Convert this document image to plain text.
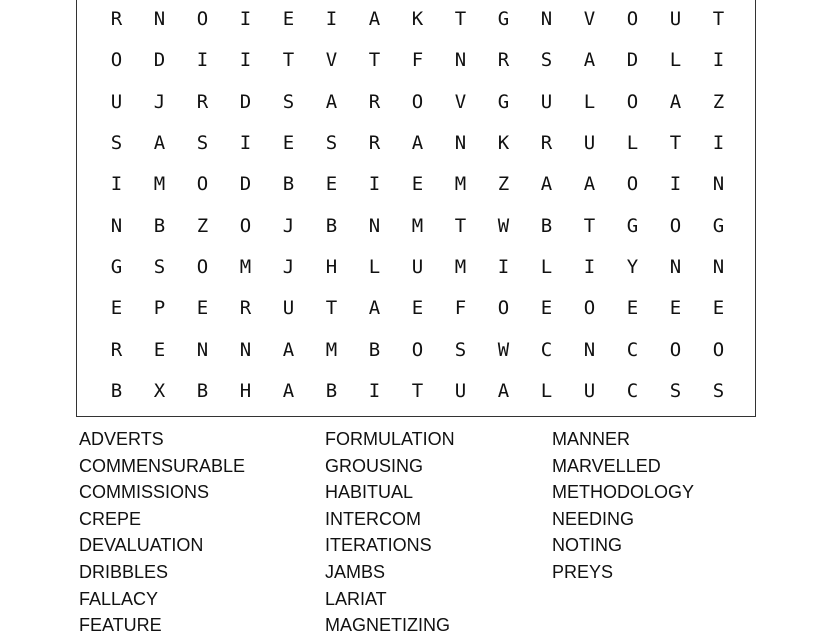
R	N	O	I	E	I	A	K	T	G	N	V	O	U	T
O	D	I	I	T	V	T	F	N	R	S	A	D	L	I
U	J	R	D	S	A	R	O	V	G	U	L	O	A	Z
S	A	S	I	E	S	R	A	N	K	R	U	L	T	I
I	M	O	D	B	E	I	E	M	Z	A	A	O	I	N
N	B	Z	O	J	B	N	M	T	W	B	T	G	O	G
G	S	O	M	J	H	L	U	M	I	L	I	Y	N	N
E	P	E	R	U	T	A	E	F	O	E	O	E	E	E
R	E	N	N	A	M	B	O	S	W	C	N	C	O	O
B	X	B	H	A	B	I	T	U	A	L	U	C	S	S
ADVERTS
COMMENSURABLE
COMMISSIONS
CREPE
DEVALUATION
DRIBBLES
FALLACY
FEATURE
FORMULATION
GROUSING
HABITUAL
INTERCOM
ITERATIONS
JAMBS
LARIAT
MAGNETIZING
MANNER
MARVELLED
METHODOLOGY
NEEDING
NOTING
PREYS
